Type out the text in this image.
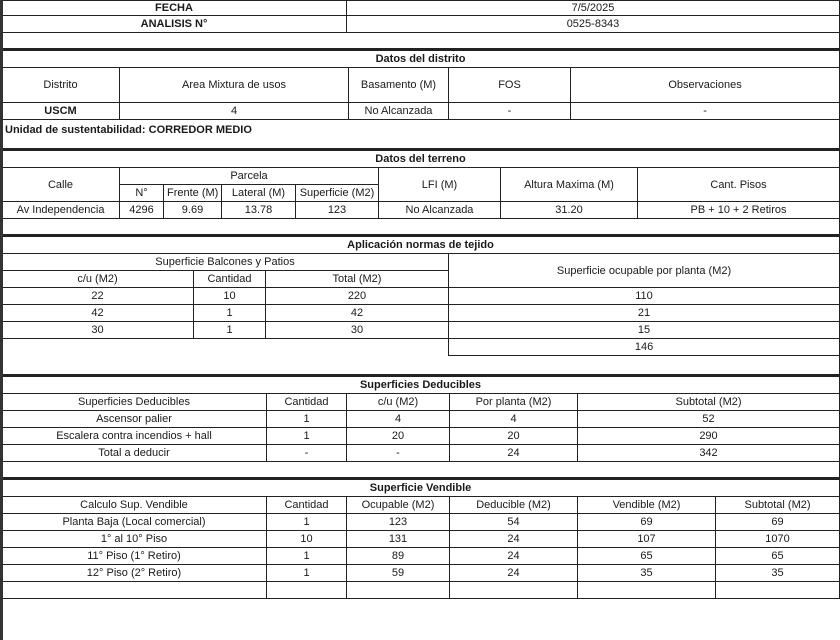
FECHA	7/5/2025
ANALISIS N°	0525-8343

Datos del distrito				
Distrito	Area Mixtura de usos	Basamento (M)	FOS	Observaciones
USCM	4	No Alcanzada	-	-
Unidad de sustentabilidad: CORREDOR MEDIO				

Datos del terreno							
Calle	Parcela				LFI (M)	Altura Maxima (M)	Cant. Pisos
	N°	Frente (M)	Lateral (M)	Superficie (M2)			
Av Independencia	4296	9.69	13.78	123	No Alcanzada	31.20	PB + 10 + 2 Retiros

Aplicación normas de tejido			
Superficie Balcones y Patios			Superficie ocupable por planta (M2)
c/u (M2)	Cantidad	Total (M2)	
22	10	220	110
42	1	42	21
30	1	30	15
			146

Superficies Deducibles				
Superficies Deducibles	Cantidad	c/u (M2)	Por planta (M2)	Subtotal (M2)
Ascensor palier	1	4	4	52
Escalera contra incendios + hall	1	20	20	290
Total a deducir	-	-	24	342

Superficie Vendible					
Calculo Sup. Vendible	Cantidad	Ocupable (M2)	Deducible (M2)	Vendible (M2)	Subtotal (M2)
Planta Baja (Local comercial)	1	123	54	69	69
1° al 10° Piso	10	131	24	107	1070
11° Piso (1° Retiro)	1	89	24	65	65
12° Piso (2° Retiro)	1	59	24	35	35
